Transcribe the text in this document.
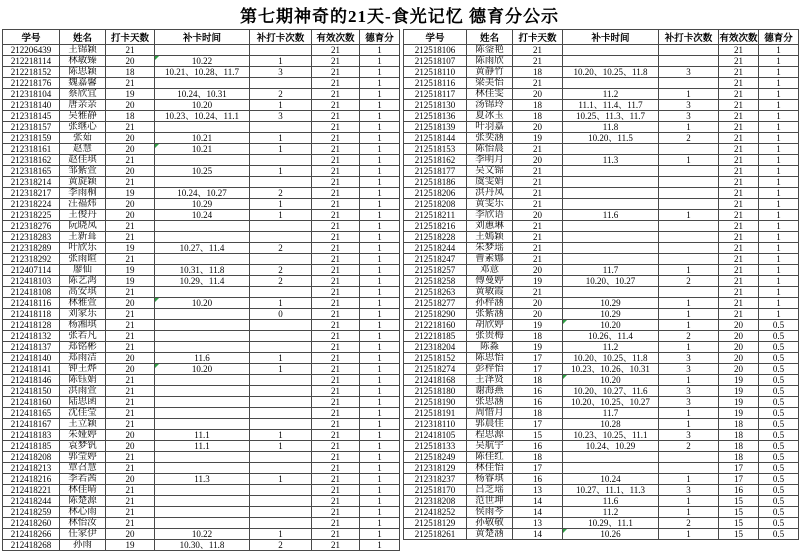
第七期神奇的21天-食光记忆 德育分公示
学号	姓名	打卡天数	补卡时间	补打卡次数	有效次数	德育分
212206439	王锦颖	21			21	1
212218114	林敏臻	20	10.22	1	21	1
212218152	陈思颖	18	10.21、10.28、11.7	3	21	1
212218176	魏嘉馨	21			21	1
212318104	蔡欣宜	19	10.24、10.31	2	21	1
212318140	唐亲亲	20	10.20	1	21	1
212318145	吴雅静	18	10.23、10.24、11.1	3	21	1
212318157	张继心	21			21	1
212318159	张茹	20	10.21	1	21	1
212318161	赵慧	20	10.21	1	21	1
212318162	赵佳琪	21			21	1
212318165	邹紫萱	20	10.25	1	21	1
212318214	黄旋颖	21			21	1
212318217	李雨桐	19	10.24、10.27	2	21	1
212318224	汪福炜	20	10.29	1	21	1
212318225	王俊丹	20	10.24	1	21	1
212318276	阮晓凤	21			21	1
212318283	王新葺	21			21	1
212318289	叶欣乐	19	10.27、11.4	2	21	1
212318292	张雨暄	21			21	1
212407114	廖仙	19	10.31、11.8	2	21	1
212418103	陈艺鸿	19	10.29、11.4	2	21	1
212418108	高安琪	21			21	1
212418116	林雅萱	20	10.20	1	21	1
212418118	刘家乐	21		0	21	1
212418128	杨湘琪	21			21	1
212418132	张若凡	21			21	1
212418137	郑铭彬	21			21	1
212418140	郑雨洁	20	11.6	1	21	1
212418141	钟王烨	20	10.20	1	21	1
212418146	陈钰娟	21			21	1
212418150	洪雨萱	21			21	1
212418160	陆思函	21			21	1
212418165	沈佳莹	21			21	1
212418167	王立颖	21			21	1
212418183	朱娅婷	20	11.1	1	21	1
212418185	袁梦钒	20	11.1	1	21	1
212418208	郭莹婷	21			21	1
212418213	覃召慧	21			21	1
212418216	李若茜	20	11.3	1	21	1
212418221	林佳晴	21			21	1
212418244	陈楚源	21			21	1
212418259	林心雨	21			21	1
212418260	林怡汝	21			21	1
212418266	任家伊	20	10.22	1	21	1
212418268	孙雨	19	10.30、11.8	2	21	1
学号	姓名	打卡天数	补卡时间	补打卡次数	有效次数	德育分
212518106	陈蓥艳	21			21	1
212518107	陈雨欣	21			21	1
212518110	黄静竹	18	10.20、10.25、11.8	3	21	1
212518116	梁美怡	21			21	1
212518117	林佳雯	20	11.2	1	21	1
212518130	汤锦玲	18	11.1、11.4、11.7	3	21	1
212518136	夏冰玉	18	10.25、11.3、11.7	3	21	1
212518139	叶羽嘉	20	11.8	1	21	1
212518144	张奕涵	19	10.20、11.5	2	21	1
212518153	陈怡晨	21			21	1
212518162	李明月	20	11.3	1	21	1
212518177	吴文锦	21			21	1
212518186	虞雯娟	21			21	1
212518206	洪丹凤	21			21	1
212518208	黄雯乐	21			21	1
212518211	李欣语	20	11.6	1	21	1
212518216	刘蕙琳	21			21	1
212518228	王嫣颖	21			21	1
212518244	朱梦瑶	21			21	1
212518247	曹素娜	21			21	1
212518257	邓意	20	11.7	1	21	1
212518258	傅曼婷	19	10.20、10.27	2	21	1
212518263	黄敏霞	21			21	1
212518277	孙梓涵	20	10.29	1	21	1
212518290	张紫涵	20	10.29	1	21	1
212218160	胡欣婷	19	10.20	1	20	0.5
212218185	张贵梅	18	10.26、11.4	2	20	0.5
212318204	陈淼	19	11.2	1	20	0.5
212518152	陈思怡	17	10.20、10.25、11.8	3	20	0.5
212518274	彭梓怡	17	10.23、10.26、10.31	3	20	0.5
212418168	王泽贤	18	10.20	1	19	0.5
212518180	谢海燕	16	10.20、10.27、11.6	3	19	0.5
212518190	张思涵	16	10.20、10.25、10.27	3	19	0.5
212518191	周惜月	18	11.7	1	19	0.5
212318110	郭晨佳	17	10.28	1	18	0.5
212418105	程思源	15	10.23、10.25、11.1	3	18	0.5
212518133	吴航宇	16	10.24、10.29	2	18	0.5
212518249	陈佳红	18			18	0.5
212318129	林佳怡	17			17	0.5
212318237	杨睿琪	16	10.24	1	17	0.5
212518170	吕芝瑶	13	10.27、11.1、11.3	3	16	0.5
212318208	范世坤	14	11.6	1	15	0.5
212418252	侯雨芩	14	11.2	1	15	0.5
212518129	孙敬敬	13	10.29、11.1	2	15	0.5
212518261	黄楚涵	14	10.26	1	15	0.5
